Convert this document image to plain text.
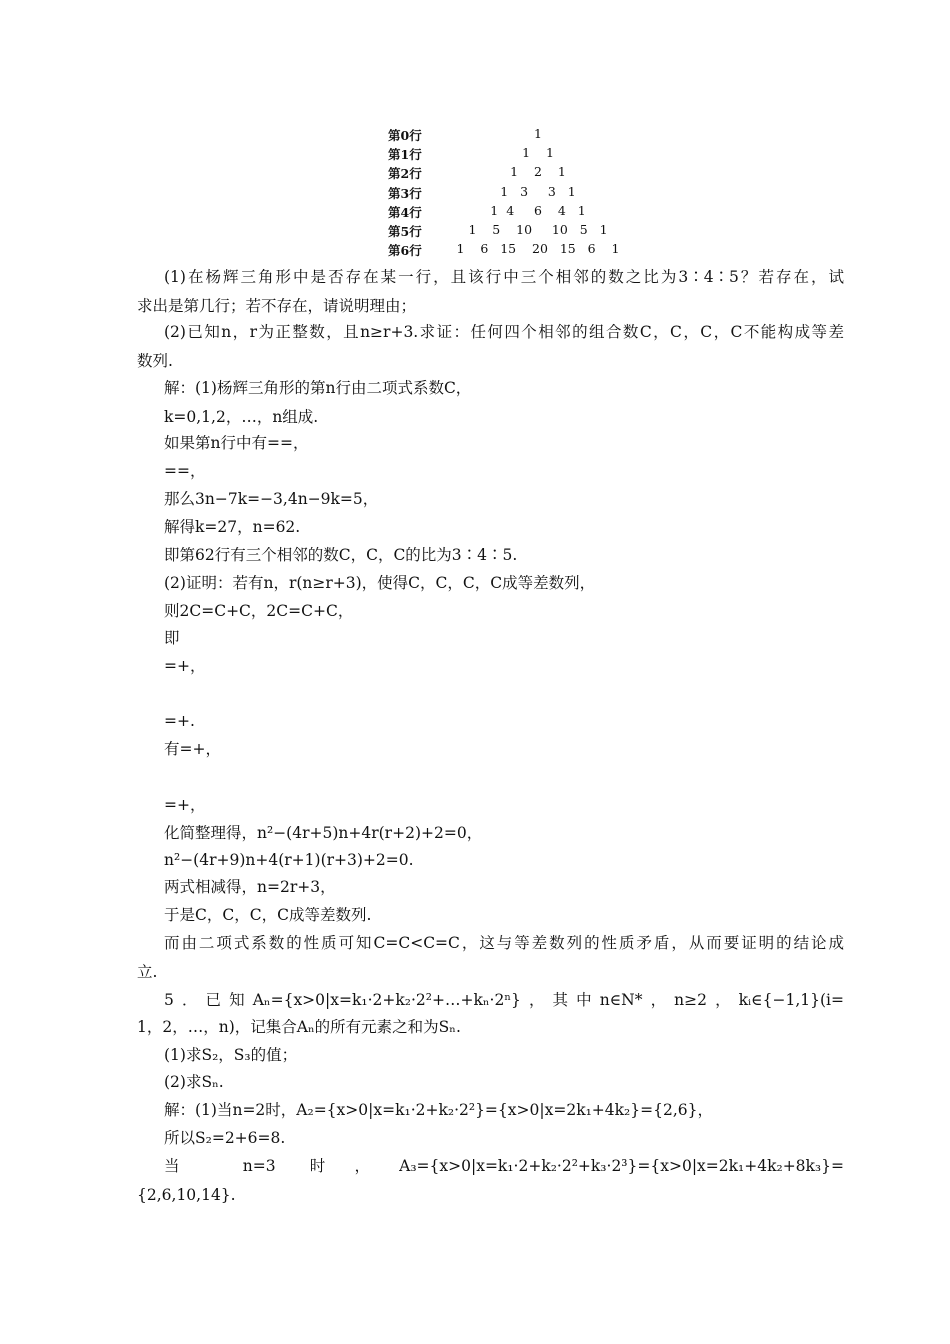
第0行	1
第1行	1    1
第2行	1    2    1
第3行	1   3     3   1
第4行	1  4     6    4   1
第5行	1    5    10     10   5   1
第6行	1    6   15    20   15   6    1
(1)在杨辉三角形中是否存在某一行，且该行中三个相邻的数之比为3∶4∶5？若存在，试
求出是第几行；若不存在，请说明理由；
(2)已知n，r为正整数，且n≥r+3.求证：任何四个相邻的组合数C，C，C，C不能构成等差
数列.
解：(1)杨辉三角形的第n行由二项式系数C，
k=0,1,2，…，n组成.
如果第n行中有==，
==，
那么3n−7k=−3,4n−9k=5，
解得k=27，n=62.
即第62行有三个相邻的数C，C，C的比为3∶4∶5.
(2)证明：若有n，r(n≥r+3)，使得C，C，C，C成等差数列，
则2C=C+C，2C=C+C，
即
=+，
=+.
有=+，
=+，
化简整理得，n²−(4r+5)n+4r(r+2)+2=0，
n²−(4r+9)n+4(r+1)(r+3)+2=0.
两式相减得，n=2r+3，
于是C，C，C，C成等差数列.
而由二项式系数的性质可知C=C<C=C，这与等差数列的性质矛盾，从而要证明的结论成
立.
5．已知Aₙ={x>0|x=k₁·2+k₂·2²+…+kₙ·2ⁿ}，其中n∈N*，n≥2，kᵢ∈{−1,1}(i=
1，2，…，n)，记集合Aₙ的所有元素之和为Sₙ.
(1)求S₂，S₃的值；
(2)求Sₙ.
解：(1)当n=2时，A₂={x>0|x=k₁·2+k₂·2²}={x>0|x=2k₁+4k₂}={2,6}，
所以S₂=2+6=8.
当 n=3 时，A₃={x>0|x=k₁·2+k₂·2²+k₃·2³}={x>0|x=2k₁+4k₂+8k₃}=
{2,6,10,14}.
